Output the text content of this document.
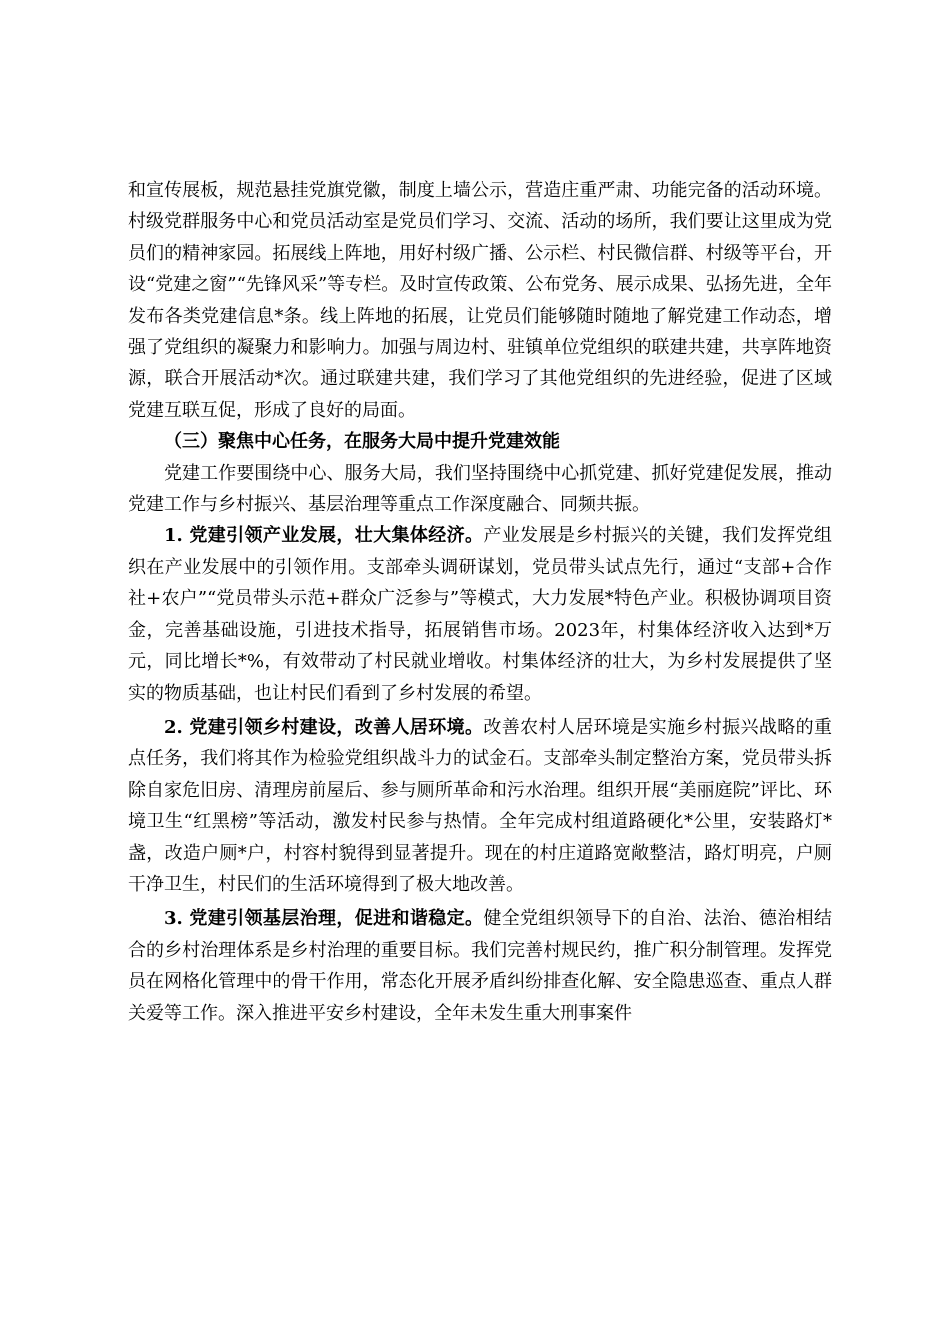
和宣传展板，规范悬挂党旗党徽，制度上墙公示，营造庄重严肃、功能完备的活动环境。村级党群服务中心和党员活动室是党员们学习、交流、活动的场所，我们要让这里成为党员们的精神家园。拓展线上阵地，用好村级广播、公示栏、村民微信群、村级等平台，开设“党建之窗”“先锋风采”等专栏。及时宣传政策、公布党务、展示成果、弘扬先进，全年发布各类党建信息*条。线上阵地的拓展，让党员们能够随时随地了解党建工作动态，增强了党组织的凝聚力和影响力。加强与周边村、驻镇单位党组织的联建共建，共享阵地资源，联合开展活动*次。通过联建共建，我们学习了其他党组织的先进经验，促进了区域党建互联互促，形成了良好的局面。

（三）聚焦中心任务，在服务大局中提升党建效能

党建工作要围绕中心、服务大局，我们坚持围绕中心抓党建、抓好党建促发展，推动党建工作与乡村振兴、基层治理等重点工作深度融合、同频共振。

1. 党建引领产业发展，壮大集体经济。产业发展是乡村振兴的关键，我们发挥党组织在产业发展中的引领作用。支部牵头调研谋划，党员带头试点先行，通过“支部+合作社+农户”“党员带头示范+群众广泛参与”等模式，大力发展*特色产业。积极协调项目资金，完善基础设施，引进技术指导，拓展销售市场。2023年，村集体经济收入达到*万元，同比增长*%，有效带动了村民就业增收。村集体经济的壮大，为乡村发展提供了坚实的物质基础，也让村民们看到了乡村发展的希望。

2. 党建引领乡村建设，改善人居环境。改善农村人居环境是实施乡村振兴战略的重点任务，我们将其作为检验党组织战斗力的试金石。支部牵头制定整治方案，党员带头拆除自家危旧房、清理房前屋后、参与厕所革命和污水治理。组织开展“美丽庭院”评比、环境卫生“红黑榜”等活动，激发村民参与热情。全年完成村组道路硬化*公里，安装路灯*盏，改造户厕*户，村容村貌得到显著提升。现在的村庄道路宽敞整洁，路灯明亮，户厕干净卫生，村民们的生活环境得到了极大地改善。

3. 党建引领基层治理，促进和谐稳定。健全党组织领导下的自治、法治、德治相结合的乡村治理体系是乡村治理的重要目标。我们完善村规民约，推广积分制管理。发挥党员在网格化管理中的骨干作用，常态化开展矛盾纠纷排查化解、安全隐患巡查、重点人群关爱等工作。深入推进平安乡村建设，全年未发生重大刑事案件
